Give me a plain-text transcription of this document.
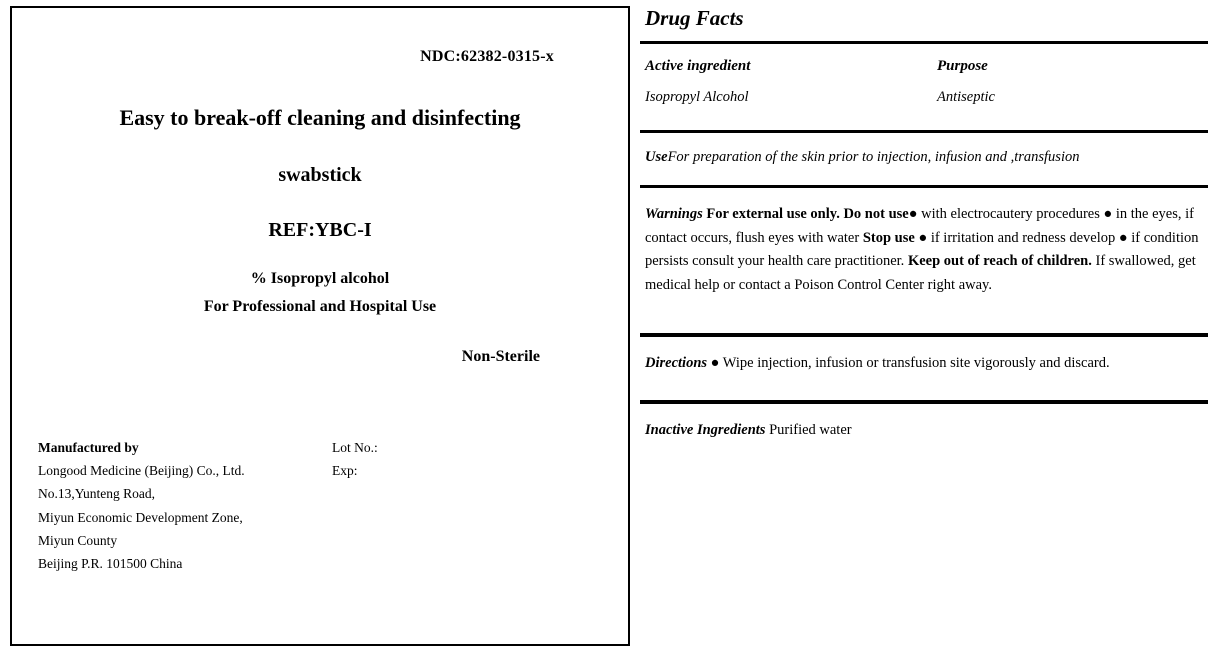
NDC:62382-0315-x
Easy to break-off cleaning and disinfecting
swabstick
REF:YBC-I
% Isopropyl alcohol
For Professional and Hospital Use
Non-Sterile
Manufactured by
Longood Medicine (Beijing) Co., Ltd.
No.13,Yunteng Road,
Miyun Economic Development Zone,
Miyun County
Beijing P.R. 101500 China
Lot No.:
Exp:
Drug Facts
Active ingredient
Isopropyl Alcohol
Purpose
Antiseptic
UseFor preparation of the skin prior to injection, infusion and ,transfusion
Warnings For external use only. Do not use● with electrocautery procedures ● in the eyes, if contact occurs, flush eyes with water Stop use ● if irritation and redness develop ● if condition persists consult your health care practitioner. Keep out of reach of children. If swallowed, get medical help or contact a Poison Control Center right away.
Directions ● Wipe injection, infusion or transfusion site vigorously and discard.
Inactive Ingredients Purified water
